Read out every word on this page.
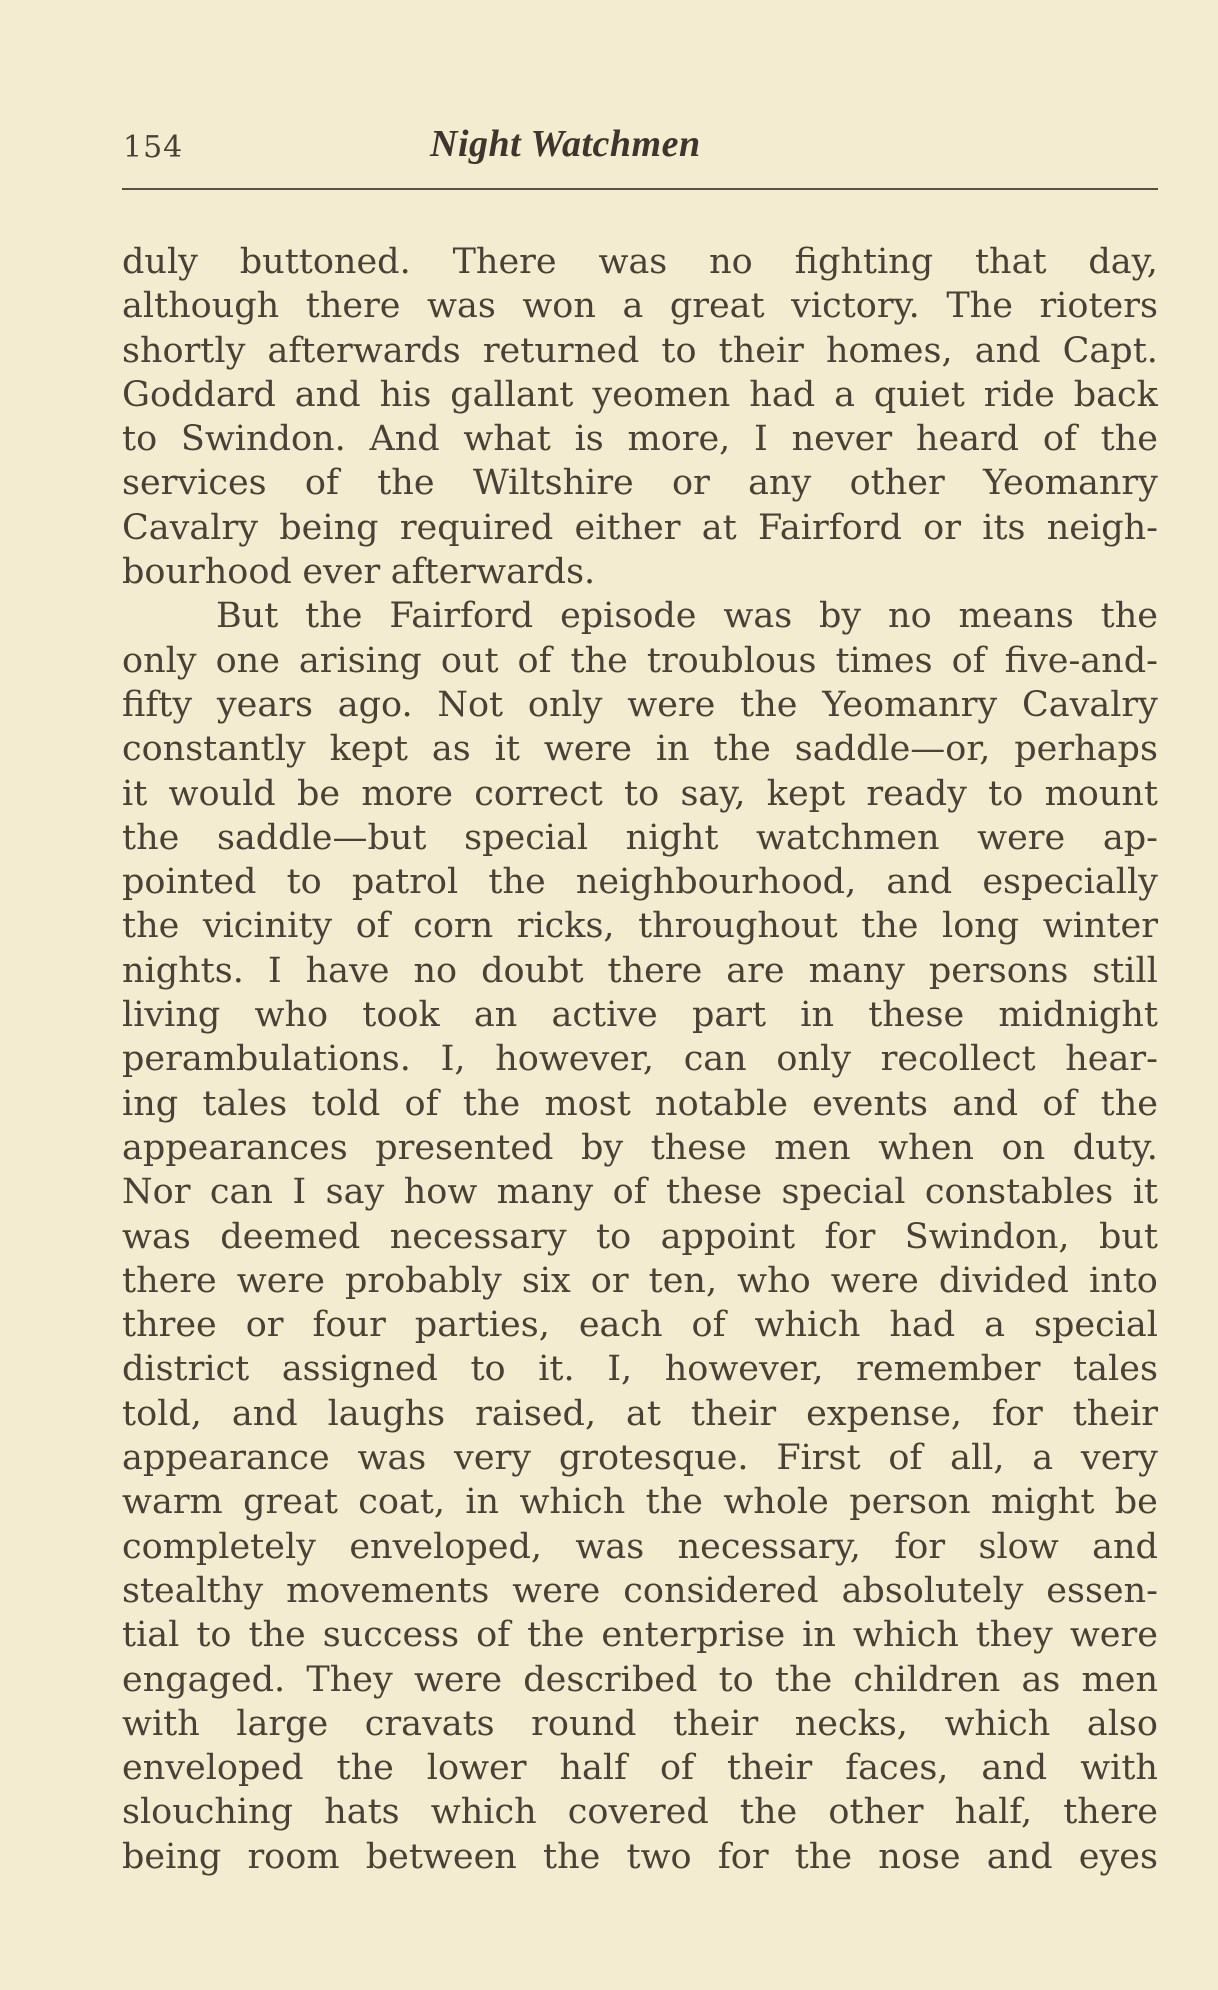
154	Night Watchmen
duly buttoned. There was no fighting that day,
although there was won a great victory. The rioters
shortly afterwards returned to their homes, and Capt.
Goddard and his gallant yeomen had a quiet ride back
to Swindon. And what is more, I never heard of the
services of the Wiltshire or any other Yeomanry
Cavalry being required either at Fairford or its neigh-
bourhood ever afterwards.
But the Fairford episode was by no means the
only one arising out of the troublous times of five-and-
fifty years ago. Not only were the Yeomanry Cavalry
constantly kept as it were in the saddle—or, perhaps
it would be more correct to say, kept ready to mount
the saddle—but special night watchmen were ap-
pointed to patrol the neighbourhood, and especially
the vicinity of corn ricks, throughout the long winter
nights. I have no doubt there are many persons still
living who took an active part in these midnight
perambulations. I, however, can only recollect hear-
ing tales told of the most notable events and of the
appearances presented by these men when on duty.
Nor can I say how many of these special constables it
was deemed necessary to appoint for Swindon, but
there were probably six or ten, who were divided into
three or four parties, each of which had a special
district assigned to it. I, however, remember tales
told, and laughs raised, at their expense, for their
appearance was very grotesque. First of all, a very
warm great coat, in which the whole person might be
completely enveloped, was necessary, for slow and
stealthy movements were considered absolutely essen-
tial to the success of the enterprise in which they were
engaged. They were described to the children as men
with large cravats round their necks, which also
enveloped the lower half of their faces, and with
slouching hats which covered the other half, there
being room between the two for the nose and eyes
